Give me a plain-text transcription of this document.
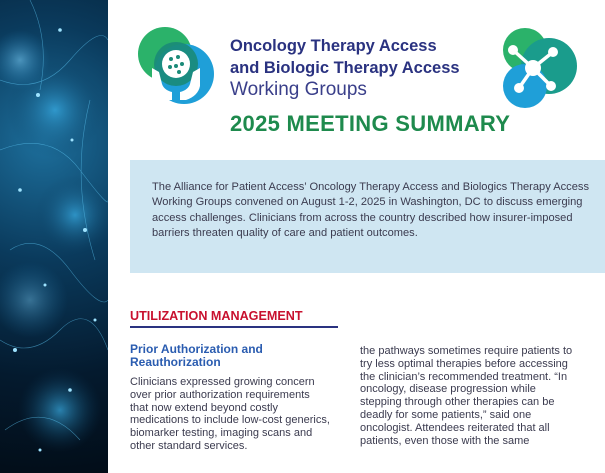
Oncology Therapy Access
and Biologic Therapy Access
Working Groups
2025 MEETING SUMMARY

The Alliance for Patient Access’ Oncology Therapy Access and Biologics Therapy Access Working Groups convened on August 1-2, 2025 in Washington, DC to discuss emerging access challenges. Clinicians from across the country described how insurer-imposed barriers threaten quality of care and patient outcomes.

UTILIZATION MANAGEMENT
Prior Authorization and Reauthorization

Clinicians expressed growing concern over prior authorization requirements that now extend beyond costly medications to include low-cost generics, biomarker testing, imaging scans and other standard services.

the pathways sometimes require patients to try less optimal therapies before accessing the clinician’s recommended treatment. “In oncology, disease progression while stepping through other therapies can be deadly for some patients,” said one oncologist. Attendees reiterated that all patients, even those with the same
